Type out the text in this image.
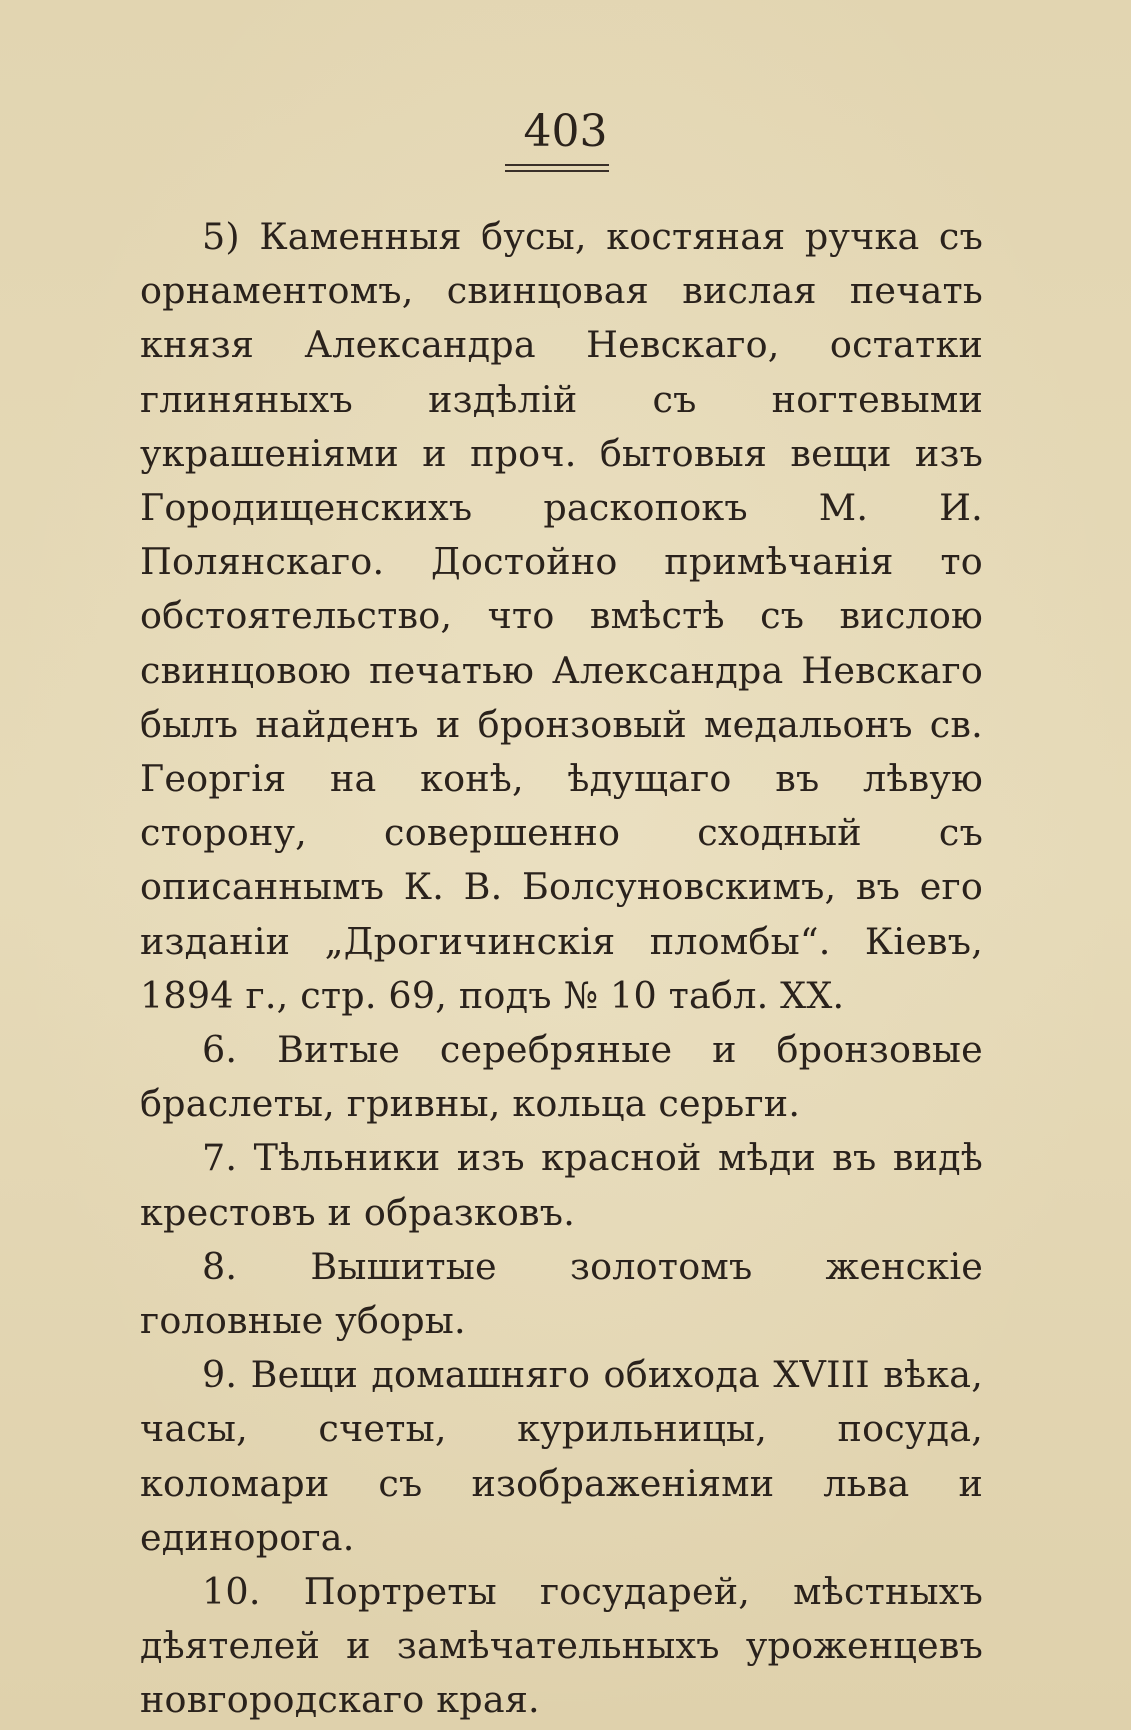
403

5) Каменныя бусы, костяная ручка съ орнаментомъ, свинцовая вислая печать князя Александра Невскаго, остатки глиняныхъ издѣлій съ ногтевыми украшеніями и проч. бытовыя вещи изъ Городищенскихъ раскопокъ М. И. Полянскаго. Достойно примѣчанія то обстоятельство, что вмѣстѣ съ вислою свинцовою печатью Александра Невскаго былъ найденъ и бронзовый медальонъ св. Георгія на конѣ, ѣдущаго въ лѣвую сторону, совершенно сходный съ описаннымъ К. В. Болсуновскимъ, въ его изданіи „Дрогичинскія пломбы“. Кіевъ, 1894 г., стр. 69, подъ № 10 табл. XX.

6. Витые серебряные и бронзовые браслеты, гривны, кольца серьги.

7. Тѣльники изъ красной мѣди въ видѣ крестовъ и образковъ.

8. Вышитые золотомъ женскіе головные уборы.

9. Вещи домашняго обихода XVIII вѣка, часы, счеты, курильницы, посуда, коломари съ изображеніями льва и единорога.

10. Портреты государей, мѣстныхъ дѣятелей и замѣчательныхъ уроженцевъ новгородскаго края.
